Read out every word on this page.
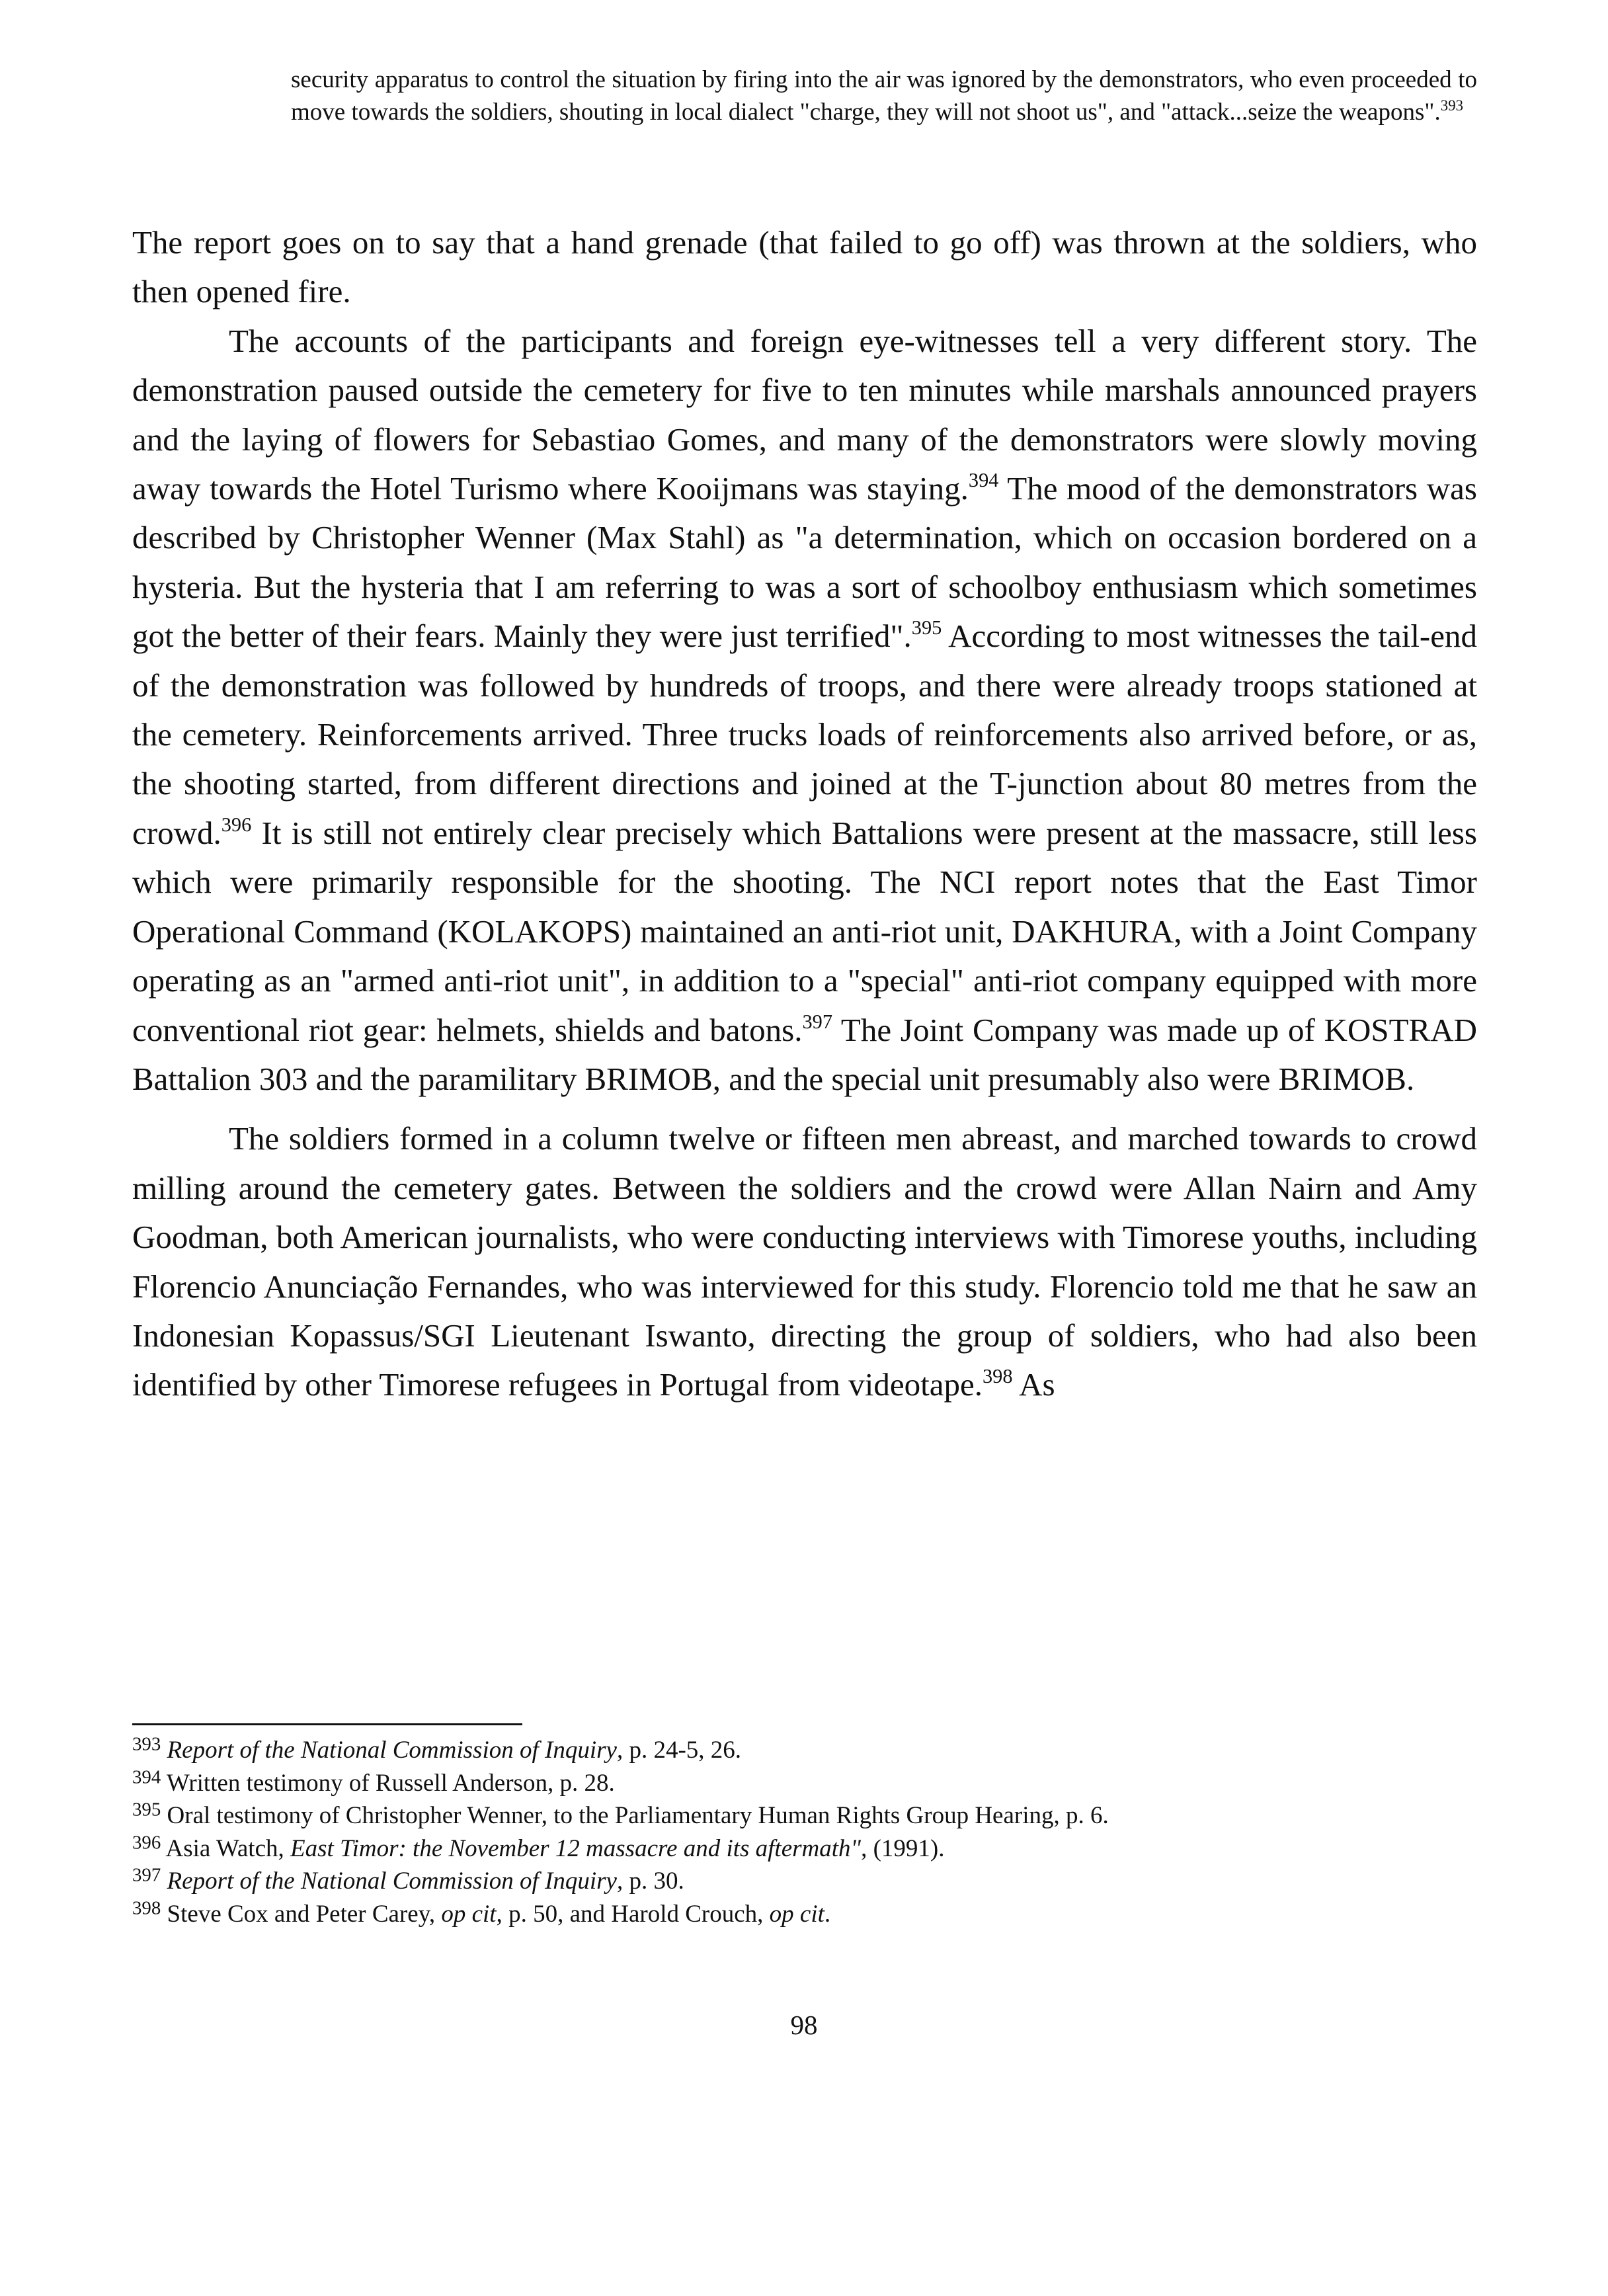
security apparatus to control the situation by firing into the air was ignored by the demonstrators, who even proceeded to move towards the soldiers, shouting in local dialect "charge, they will not shoot us", and "attack...seize the weapons".$^{393}$

The report goes on to say that a hand grenade (that failed to go off) was thrown at the soldiers, who then opened fire.

The accounts of the participants and foreign eye-witnesses tell a very different story. The demonstration paused outside the cemetery for five to ten minutes while marshals announced prayers and the laying of flowers for Sebastiao Gomes, and many of the demonstrators were slowly moving away towards the Hotel Turismo where Kooijmans was staying.$^{394}$ The mood of the demonstrators was described by Christopher Wenner (Max Stahl) as "a determination, which on occasion bordered on a hysteria. But the hysteria that I am referring to was a sort of schoolboy enthusiasm which sometimes got the better of their fears. Mainly they were just terrified".$^{395}$ According to most witnesses the tail-end of the demonstration was followed by hundreds of troops, and there were already troops stationed at the cemetery. Reinforcements arrived. Three trucks loads of reinforcements also arrived before, or as, the shooting started, from different directions and joined at the T-junction about 80 metres from the crowd.$^{396}$ It is still not entirely clear precisely which Battalions were present at the massacre, still less which were primarily responsible for the shooting. The NCI report notes that the East Timor Operational Command (KOLAKOPS) maintained an anti-riot unit, DAKHURA, with a Joint Company operating as an "armed anti-riot unit", in addition to a "special" anti-riot company equipped with more conventional riot gear: helmets, shields and batons.$^{397}$ The Joint Company was made up of KOSTRAD Battalion 303 and the paramilitary BRIMOB, and the special unit presumably also were BRIMOB.

The soldiers formed in a column twelve or fifteen men abreast, and marched towards to crowd milling around the cemetery gates. Between the soldiers and the crowd were Allan Nairn and Amy Goodman, both American journalists, who were conducting interviews with Timorese youths, including Florencio Anunciação Fernandes, who was interviewed for this study. Florencio told me that he saw an Indonesian Kopassus/SGI Lieutenant Iswanto, directing the group of soldiers, who had also been identified by other Timorese refugees in Portugal from videotape.$^{398}$ As

$^{393}$ Report of the National Commission of Inquiry, p. 24-5, 26.
$^{394}$ Written testimony of Russell Anderson, p. 28.
$^{395}$ Oral testimony of Christopher Wenner, to the Parliamentary Human Rights Group Hearing, p. 6.
$^{396}$ Asia Watch, East Timor: the November 12 massacre and its aftermath", (1991).
$^{397}$ Report of the National Commission of Inquiry, p. 30.
$^{398}$ Steve Cox and Peter Carey, op cit, p. 50, and Harold Crouch, op cit.
98
